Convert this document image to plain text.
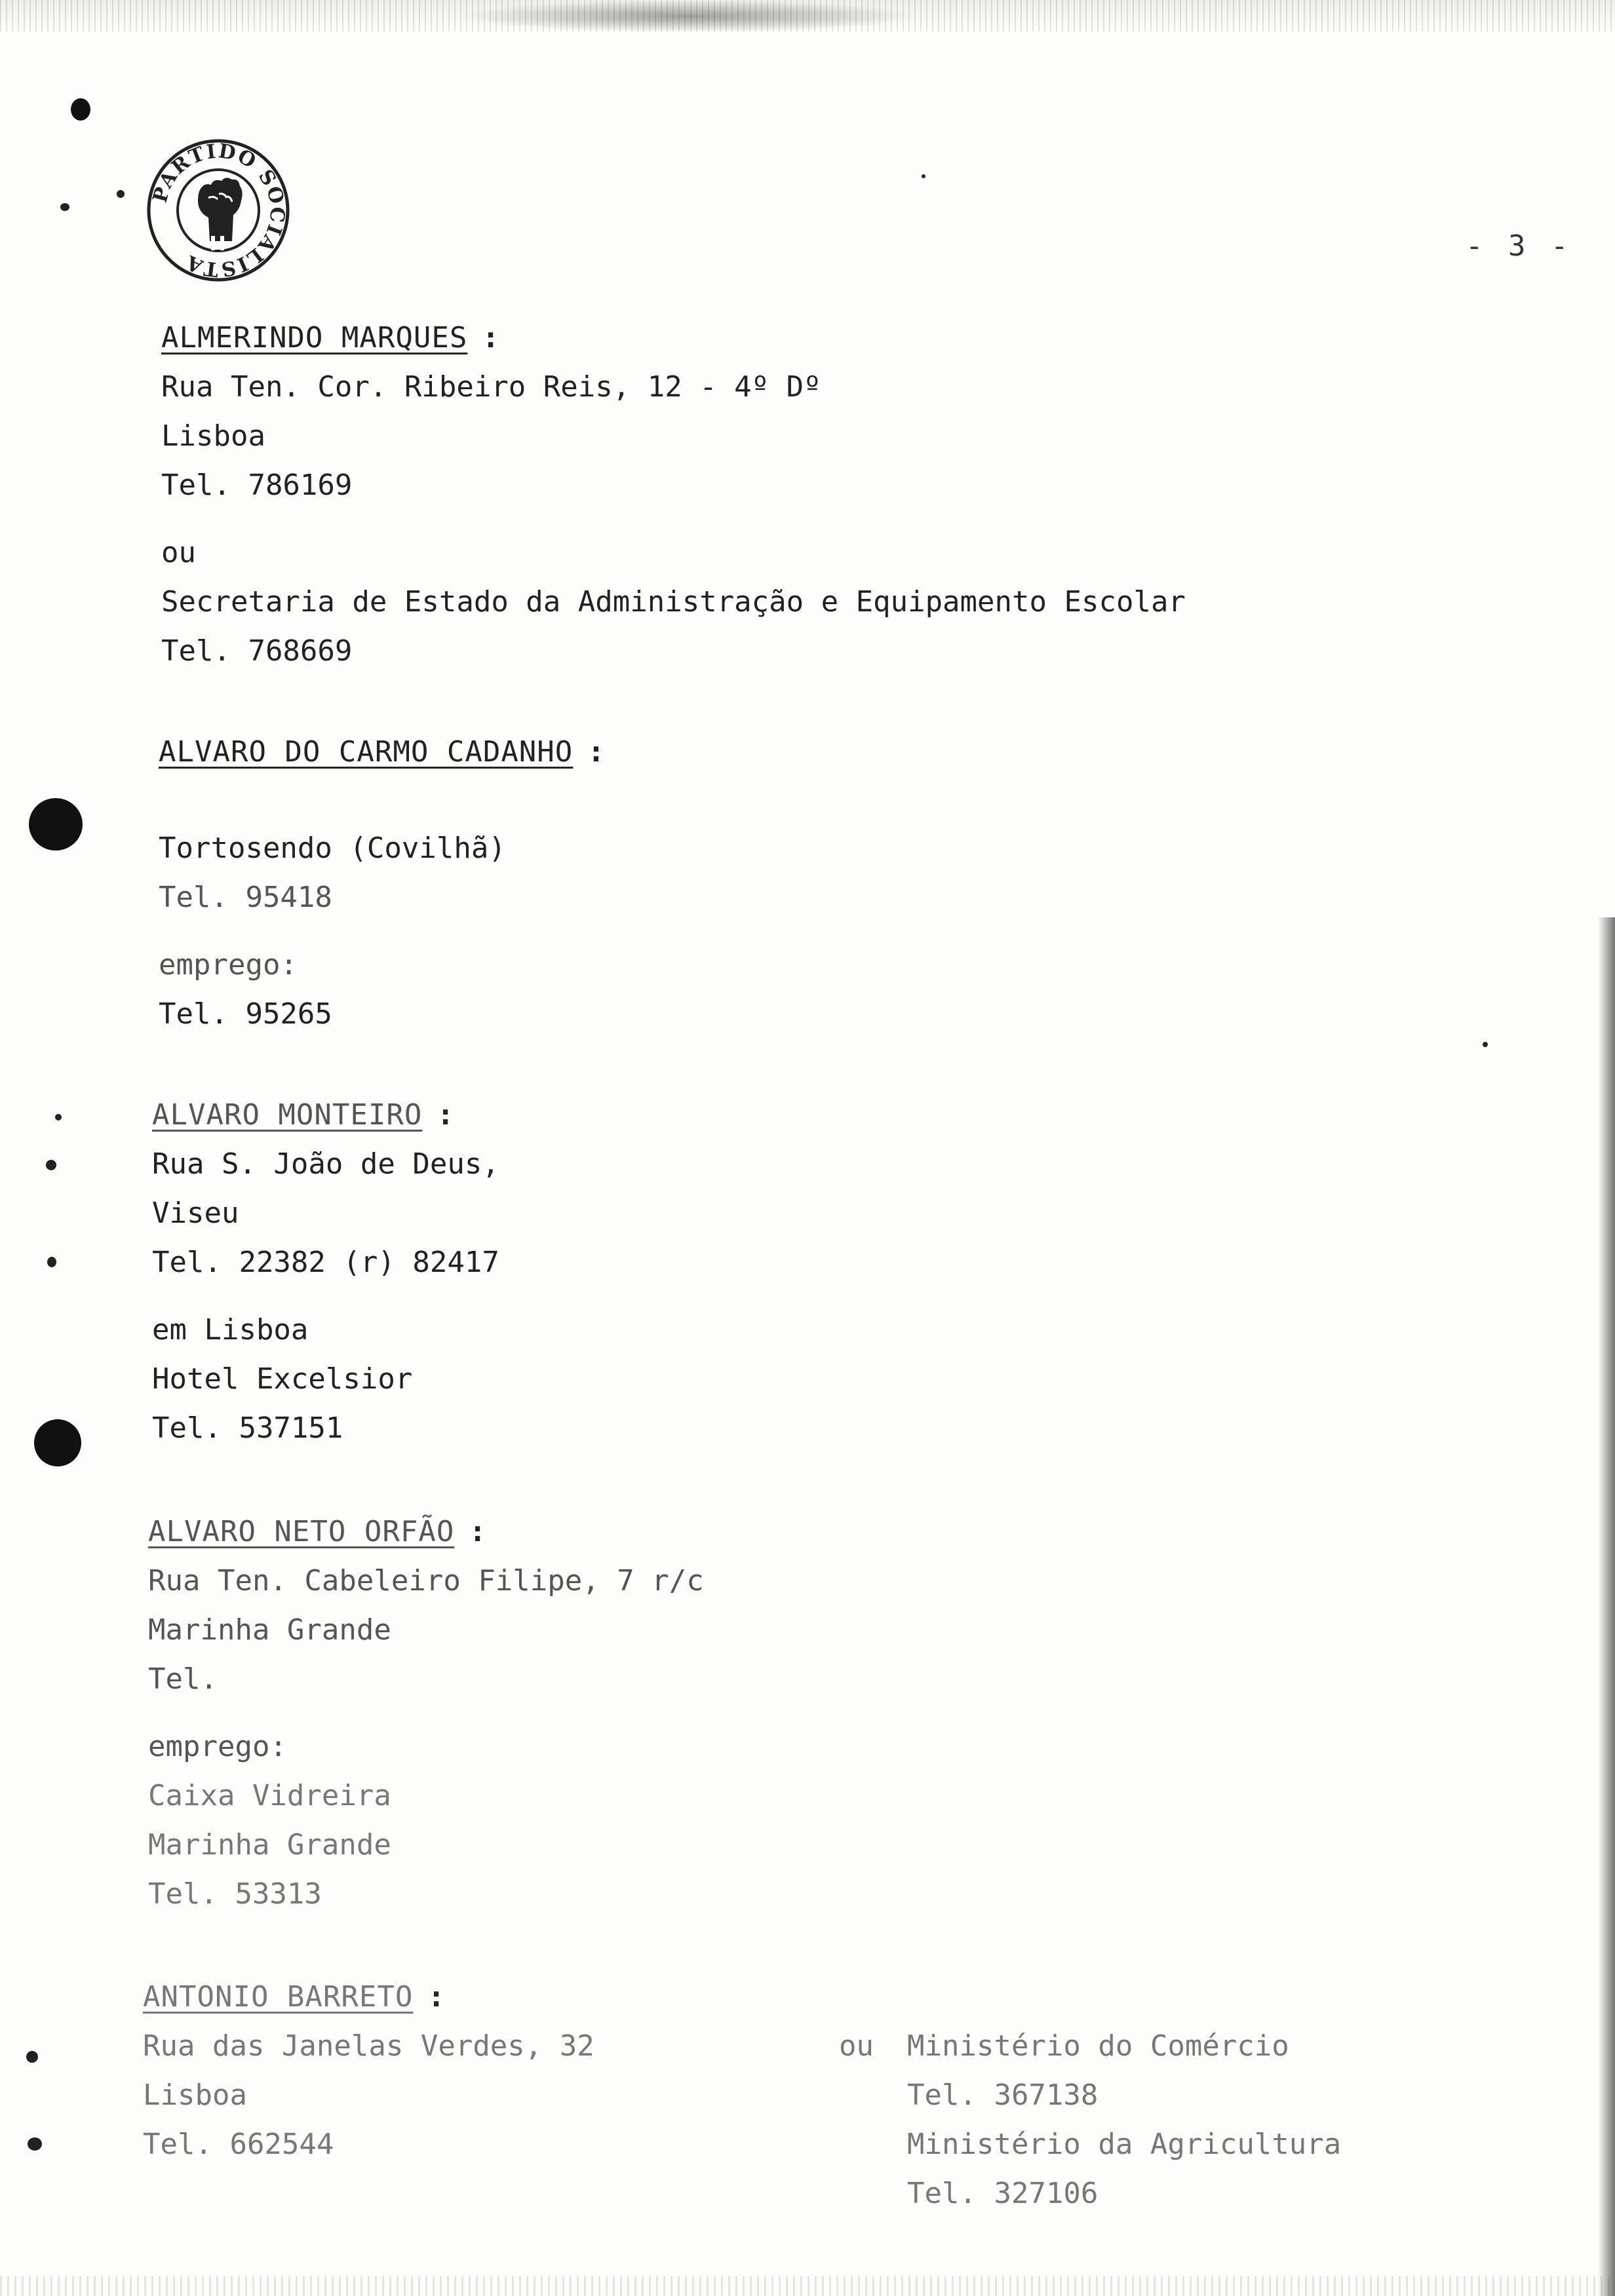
PARTIDO SOCIALISTA
- 3 -
ALMERINDO MARQUES :
Rua Ten. Cor. Ribeiro Reis, 12 - 4º Dº
Lisboa
Tel. 786169
ou
Secretaria de Estado da Administração e Equipamento Escolar
Tel. 768669
ALVARO DO CARMO CADANHO :
Tortosendo (Covilhã)
Tel. 95418
emprego:
Tel. 95265
ALVARO MONTEIRO :
Rua S. João de Deus,
Viseu
Tel. 22382 (r) 82417
em Lisboa
Hotel Excelsior
Tel. 537151
ALVARO NETO ORFÃO :
Rua Ten. Cabeleiro Filipe, 7 r/c
Marinha Grande
Tel.
emprego:
Caixa Vidreira
Marinha Grande
Tel. 53313
ANTONIO BARRETO :
Rua das Janelas Verdes, 32
Lisboa
Tel. 662544
ou Ministério do Comércio
Tel. 367138
Ministério da Agricultura
Tel. 327106
